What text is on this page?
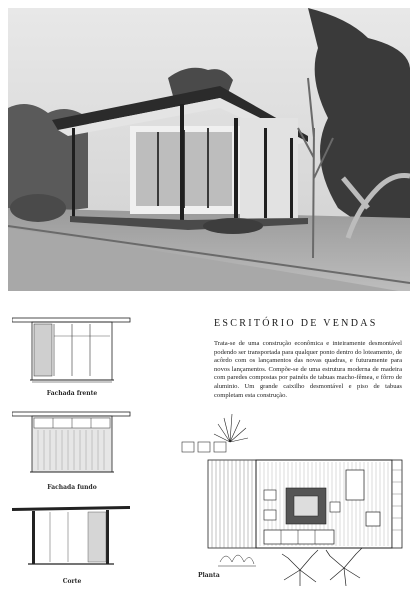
Fachada frente
Fachada fundo
Corte
ESCRITÓRIO DE VENDAS

Trata-se de uma construção econômica e inteiramente desmontável podendo ser transportada para qualquer ponto dentro do loteamento, de acôrdo com os lançamentos das novas quadras, e futuramente para novos lançamentos. Compõe-se de uma estrutura moderna de madeira com paredes compostas por painéis de tabuas macho-fêmea, e fôrro de aluminio. Um grande caixilho desmontável e piso de tabuas completam esta construção.

Planta
